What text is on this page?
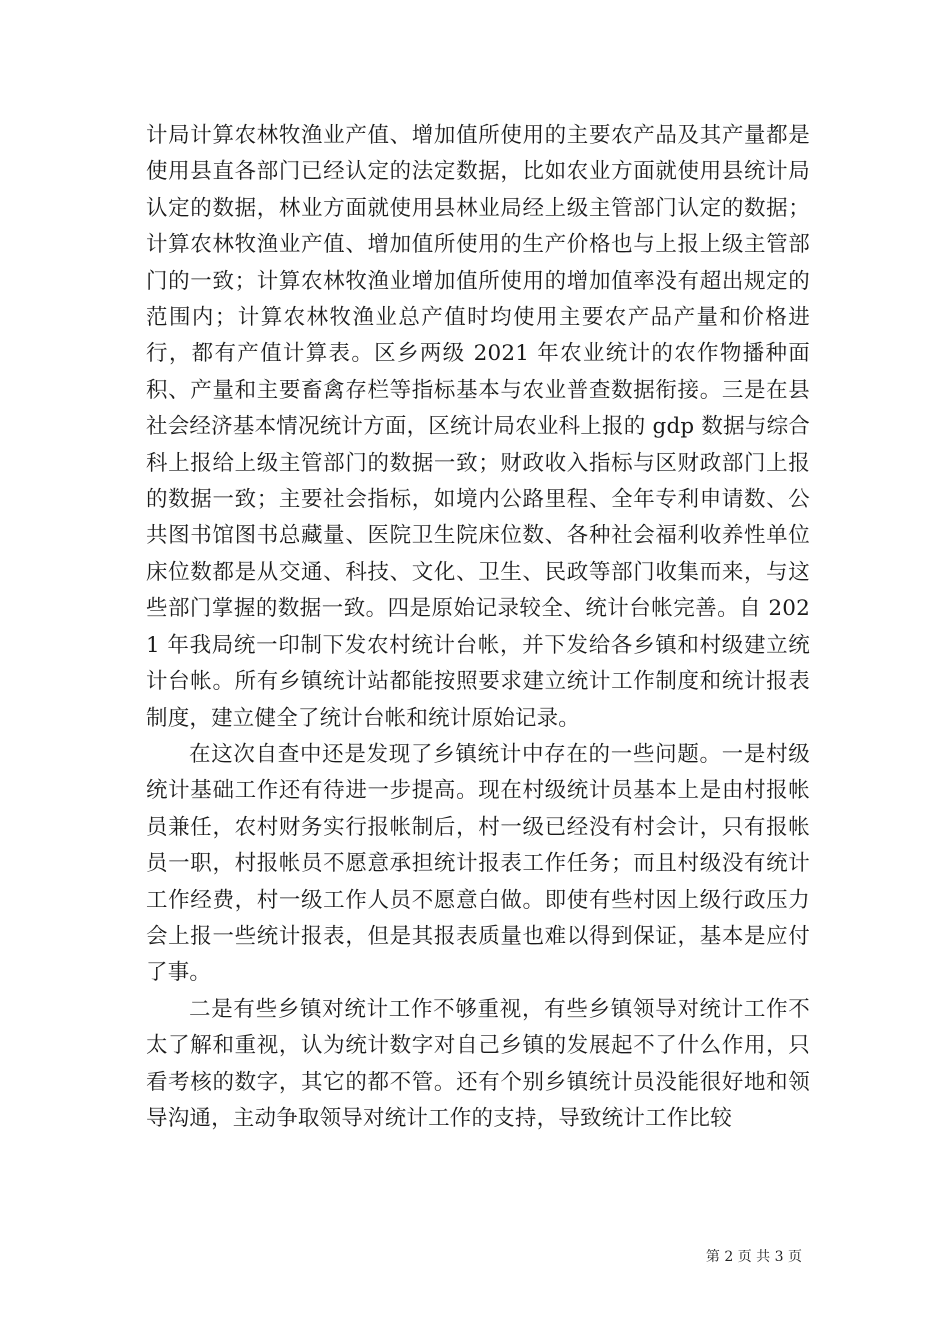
计局计算农林牧渔业产值、增加值所使用的主要农产品及其产量都是使用县直各部门已经认定的法定数据，比如农业方面就使用县统计局认定的数据，林业方面就使用县林业局经上级主管部门认定的数据；计算农林牧渔业产值、增加值所使用的生产价格也与上报上级主管部门的一致；计算农林牧渔业增加值所使用的增加值率没有超出规定的范围内；计算农林牧渔业总产值时均使用主要农产品产量和价格进行，都有产值计算表。区乡两级 2021 年农业统计的农作物播种面积、产量和主要畜禽存栏等指标基本与农业普查数据衔接。三是在县社会经济基本情况统计方面，区统计局农业科上报的 gdp 数据与综合科上报给上级主管部门的数据一致；财政收入指标与区财政部门上报的数据一致；主要社会指标，如境内公路里程、全年专利申请数、公共图书馆图书总藏量、医院卫生院床位数、各种社会福利收养性单位床位数都是从交通、科技、文化、卫生、民政等部门收集而来，与这些部门掌握的数据一致。四是原始记录较全、统计台帐完善。自 2021 年我局统一印制下发农村统计台帐，并下发给各乡镇和村级建立统计台帐。所有乡镇统计站都能按照要求建立统计工作制度和统计报表制度，建立健全了统计台帐和统计原始记录。

在这次自查中还是发现了乡镇统计中存在的一些问题。一是村级统计基础工作还有待进一步提高。现在村级统计员基本上是由村报帐员兼任，农村财务实行报帐制后，村一级已经没有村会计，只有报帐员一职，村报帐员不愿意承担统计报表工作任务；而且村级没有统计工作经费，村一级工作人员不愿意白做。即使有些村因上级行政压力会上报一些统计报表，但是其报表质量也难以得到保证，基本是应付了事。

二是有些乡镇对统计工作不够重视，有些乡镇领导对统计工作不太了解和重视，认为统计数字对自己乡镇的发展起不了什么作用，只看考核的数字，其它的都不管。还有个别乡镇统计员没能很好地和领导沟通，主动争取领导对统计工作的支持，导致统计工作比较

第 2 页 共 3 页
